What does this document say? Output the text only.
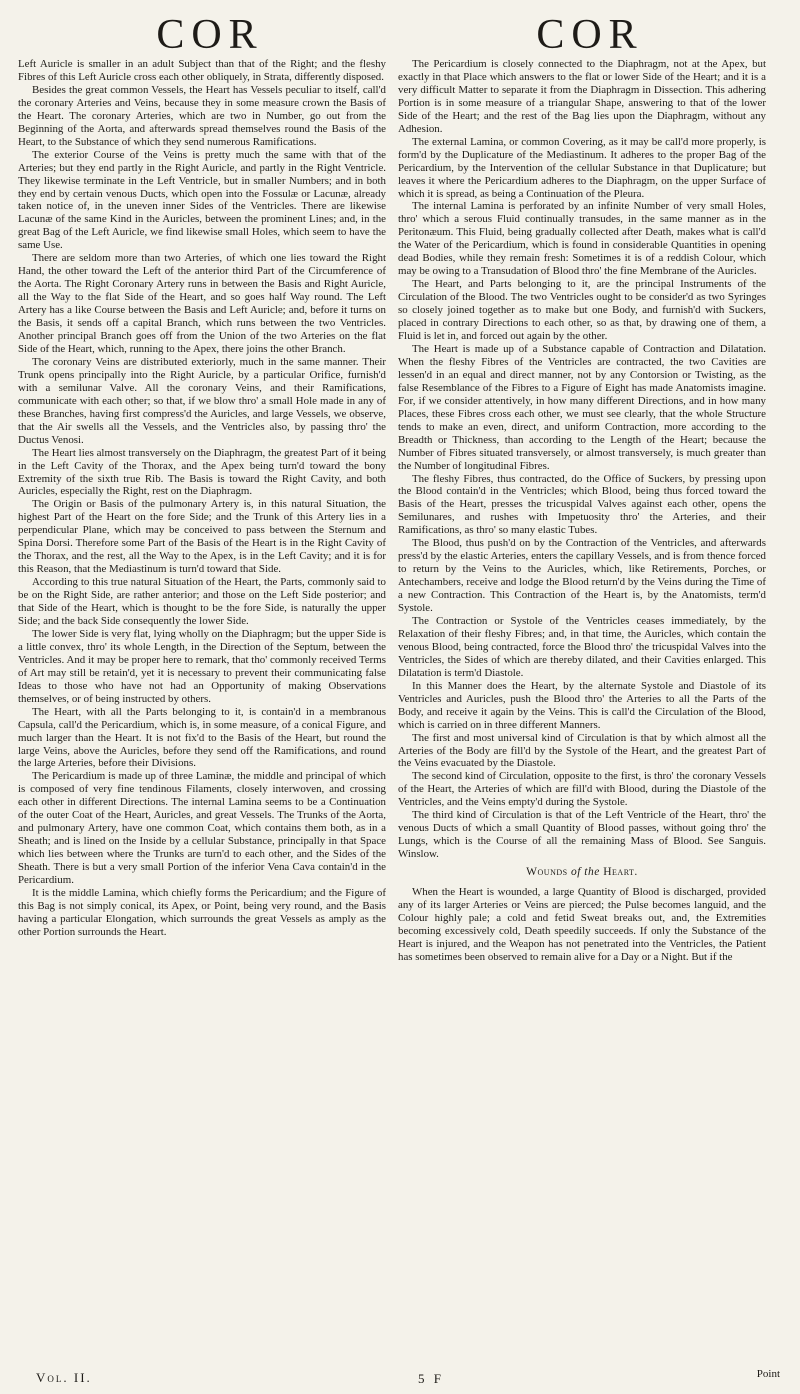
COR	COR

Left Auricle is smaller in an adult Subject than that of the Right; and the fleshy Fibres of this Left Auricle cross each other obliquely, in Strata, differently disposed.

Besides the great common Vessels, the Heart has Vessels peculiar to itself, call'd the coronary Arteries and Veins, because they in some measure crown the Basis of the Heart. The coronary Arteries, which are two in Number, go out from the Beginning of the Aorta, and afterwards spread themselves round the Basis of the Heart, to the Substance of which they send numerous Ramifications.

The exterior Course of the Veins is pretty much the same with that of the Arteries; but they end partly in the Right Auricle, and partly in the Right Ventricle. They likewise terminate in the Left Ventricle, but in smaller Numbers; and in both they end by certain venous Ducts, which open into the Fossulæ or Lacunæ, already taken notice of, in the uneven inner Sides of the Ventricles. There are likewise Lacunæ of the same Kind in the Auricles, between the prominent Lines; and, in the great Bag of the Left Auricle, we find likewise small Holes, which seem to have the same Use.

There are seldom more than two Arteries, of which one lies toward the Right Hand, the other toward the Left of the anterior third Part of the Circumference of the Aorta. The Right Coronary Artery runs in between the Basis and Right Auricle, all the Way to the flat Side of the Heart, and so goes half Way round. The Left Artery has a like Course between the Basis and Left Auricle; and, before it turns on the Basis, it sends off a capital Branch, which runs between the two Ventricles. Another principal Branch goes off from the Union of the two Arteries on the flat Side of the Heart, which, running to the Apex, there joins the other Branch.

The coronary Veins are distributed exteriorly, much in the same manner. Their Trunk opens principally into the Right Auricle, by a particular Orifice, furnish'd with a semilunar Valve. All the coronary Veins, and their Ramifications, communicate with each other; so that, if we blow thro' a small Hole made in any of these Branches, having first compress'd the Auricles, and large Vessels, we observe, that the Air swells all the Vessels, and the Ventricles also, by passing thro' the Ductus Venosi.

The Heart lies almost transversely on the Diaphragm, the greatest Part of it being in the Left Cavity of the Thorax, and the Apex being turn'd toward the bony Extremity of the sixth true Rib. The Basis is toward the Right Cavity, and both Auricles, especially the Right, rest on the Diaphragm.

The Origin or Basis of the pulmonary Artery is, in this natural Situation, the highest Part of the Heart on the fore Side; and the Trunk of this Artery lies in a perpendicular Plane, which may be conceived to pass between the Sternum and Spina Dorsi. Therefore some Part of the Basis of the Heart is in the Right Cavity of the Thorax, and the rest, all the Way to the Apex, is in the Left Cavity; and it is for this Reason, that the Mediastinum is turn'd toward that Side.

According to this true natural Situation of the Heart, the Parts, commonly said to be on the Right Side, are rather anterior; and those on the Left Side posterior; and that Side of the Heart, which is thought to be the fore Side, is naturally the upper Side; and the back Side consequently the lower Side.

The lower Side is very flat, lying wholly on the Diaphragm; but the upper Side is a little convex, thro' its whole Length, in the Direction of the Septum, between the Ventricles. And it may be proper here to remark, that tho' commonly received Terms of Art may still be retain'd, yet it is necessary to prevent their communicating false Ideas to those who have not had an Opportunity of making Observations themselves, or of being instructed by others.

The Heart, with all the Parts belonging to it, is contain'd in a membranous Capsula, call'd the Pericardium, which is, in some measure, of a conical Figure, and much larger than the Heart. It is not fix'd to the Basis of the Heart, but round the large Veins, above the Auricles, before they send off the Ramifications, and round the large Arteries, before their Divisions.

The Pericardium is made up of three Laminæ, the middle and principal of which is composed of very fine tendinous Filaments, closely interwoven, and crossing each other in different Directions. The internal Lamina seems to be a Continuation of the outer Coat of the Heart, Auricles, and great Vessels. The Trunks of the Aorta, and pulmonary Artery, have one common Coat, which contains them both, as in a Sheath; and is lined on the Inside by a cellular Substance, principally in that Space which lies between where the Trunks are turn'd to each other, and the Sides of the Sheath. There is but a very small Portion of the inferior Vena Cava contain'd in the Pericardium.

It is the middle Lamina, which chiefly forms the Pericardium; and the Figure of this Bag is not simply conical, its Apex, or Point, being very round, and the Basis having a particular Elongation, which surrounds the great Vessels as amply as the other Portion surrounds the Heart.

The Pericardium is closely connected to the Diaphragm, not at the Apex, but exactly in that Place which answers to the flat or lower Side of the Heart; and it is a very difficult Matter to separate it from the Diaphragm in Dissection. This adhering Portion is in some measure of a triangular Shape, answering to that of the lower Side of the Heart; and the rest of the Bag lies upon the Diaphragm, without any Adhesion.

The external Lamina, or common Covering, as it may be call'd more properly, is form'd by the Duplicature of the Mediastinum. It adheres to the proper Bag of the Pericardium, by the Intervention of the cellular Substance in that Duplicature; but leaves it where the Pericardium adheres to the Diaphragm, on the upper Surface of which it is spread, as being a Continuation of the Pleura.

The internal Lamina is perforated by an infinite Number of very small Holes, thro' which a serous Fluid continually transudes, in the same manner as in the Peritonæum. This Fluid, being gradually collected after Death, makes what is call'd the Water of the Pericardium, which is found in considerable Quantities in opening dead Bodies, while they remain fresh: Sometimes it is of a reddish Colour, which may be owing to a Transudation of Blood thro' the fine Membrane of the Auricles.

The Heart, and Parts belonging to it, are the principal Instruments of the Circulation of the Blood. The two Ventricles ought to be consider'd as two Syringes so closely joined together as to make but one Body, and furnish'd with Suckers, placed in contrary Directions to each other, so as that, by drawing one of them, a Fluid is let in, and forced out again by the other.

The Heart is made up of a Substance capable of Contraction and Dilatation. When the fleshy Fibres of the Ventricles are contracted, the two Cavities are lessen'd in an equal and direct manner, not by any Contorsion or Twisting, as the false Resemblance of the Fibres to a Figure of Eight has made Anatomists imagine. For, if we consider attentively, in how many different Directions, and in how many Places, these Fibres cross each other, we must see clearly, that the whole Structure tends to make an even, direct, and uniform Contraction, more according to the Breadth or Thickness, than according to the Length of the Heart; because the Number of Fibres situated transversely, or almost transversely, is much greater than the Number of longitudinal Fibres.

The fleshy Fibres, thus contracted, do the Office of Suckers, by pressing upon the Blood contain'd in the Ventricles; which Blood, being thus forced toward the Basis of the Heart, presses the tricuspidal Valves against each other, opens the Semilunares, and rushes with Impetuosity thro' the Arteries, and their Ramifications, as thro' so many elastic Tubes.

The Blood, thus push'd on by the Contraction of the Ventricles, and afterwards press'd by the elastic Arteries, enters the capillary Vessels, and is from thence forced to return by the Veins to the Auricles, which, like Retirements, Porches, or Antechambers, receive and lodge the Blood return'd by the Veins during the Time of a new Contraction. This Contraction of the Heart is, by the Anatomists, term'd Systole.

The Contraction or Systole of the Ventricles ceases immediately, by the Relaxation of their fleshy Fibres; and, in that time, the Auricles, which contain the venous Blood, being contracted, force the Blood thro' the tricuspidal Valves into the Ventricles, the Sides of which are thereby dilated, and their Cavities enlarged. This Dilatation is term'd Diastole.

In this Manner does the Heart, by the alternate Systole and Diastole of its Ventricles and Auricles, push the Blood thro' the Arteries to all the Parts of the Body, and receive it again by the Veins. This is call'd the Circulation of the Blood, which is carried on in three different Manners.

The first and most universal kind of Circulation is that by which almost all the Arteries of the Body are fill'd by the Systole of the Heart, and the greatest Part of the Veins evacuated by the Diastole.

The second kind of Circulation, opposite to the first, is thro' the coronary Vessels of the Heart, the Arteries of which are fill'd with Blood, during the Diastole of the Ventricles, and the Veins empty'd during the Systole.

The third kind of Circulation is that of the Left Ventricle of the Heart, thro' the venous Ducts of which a small Quantity of Blood passes, without going thro' the Lungs, which is the Course of all the remaining Mass of Blood. See Sanguis. Winslow.

Wounds of the Heart.

When the Heart is wounded, a large Quantity of Blood is discharged, provided any of its larger Arteries or Veins are pierced; the Pulse becomes languid, and the Colour highly pale; a cold and fetid Sweat breaks out, and, the Extremities becoming excessively cold, Death speedily succeeds. If only the Substance of the Heart is injured, and the Weapon has not penetrated into the Ventricles, the Patient has sometimes been observed to remain alive for a Day or a Night. But if the

Vol. II.	5 F	Point
